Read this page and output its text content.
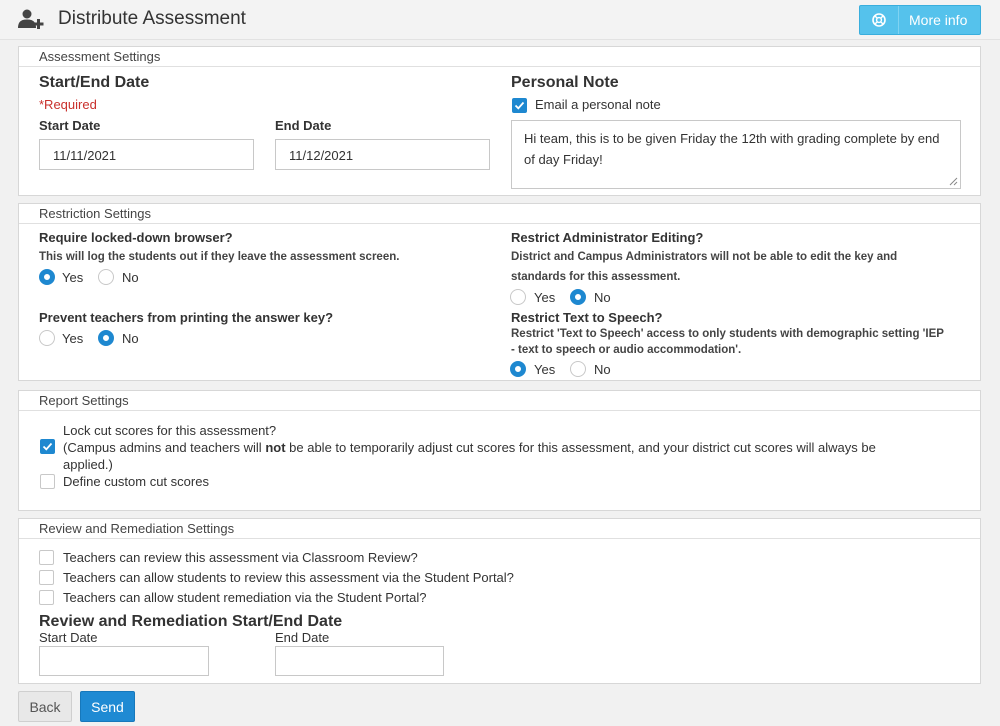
Distribute Assessment	More info
Assessment Settings
Start/End Date
*Required
Start Date
11/11/2021
End Date
11/12/2021
Personal Note
Email a personal note
Hi team, this is to be given Friday the 12th with grading complete by end of day Friday!
Restriction Settings
Require locked-down browser?
This will log the students out if they leave the assessment screen.
Yes	No
Prevent teachers from printing the answer key?
Yes	No
Restrict Administrator Editing?
District and Campus Administrators will not be able to edit the key and
standards for this assessment.
Yes	No
Restrict Text to Speech?
Restrict 'Text to Speech' access to only students with demographic setting 'IEP
- text to speech or audio accommodation'.
Yes	No
Report Settings
Lock cut scores for this assessment?
(Campus admins and teachers will not be able to temporarily adjust cut scores for this assessment, and your district cut scores will always be
applied.)
Define custom cut scores
Review and Remediation Settings
Teachers can review this assessment via Classroom Review?
Teachers can allow students to review this assessment via the Student Portal?
Teachers can allow student remediation via the Student Portal?
Review and Remediation Start/End Date
Start Date	End Date
Back	Send
